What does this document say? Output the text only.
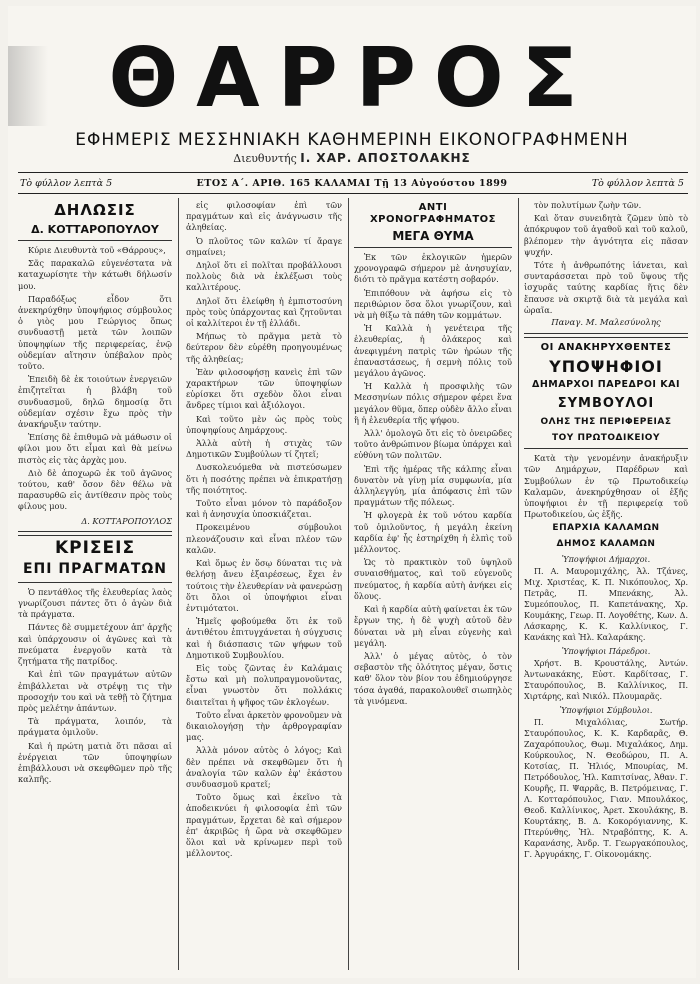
ΘΑΡΡΟΣ
ΕΦΗΜΕΡΙΣ ΜΕΣΣΗΝΙΑΚΗ ΚΑΘΗΜΕΡΙΝΗ ΕΙΚΟΝΟΓΡΑΦΗΜΕΝΗ
Διευθυντής Ι. ΧΑΡ. ΑΠΟΣΤΟΛΑΚΗΣ
Τὸ φύλλον λεπτὰ 5	ΕΤΟΣ Α΄. ΑΡΙΘ. 165 ΚΑΛΑΜΑΙ Τῇ 13 Αὐγούστου 1899	Τὸ φύλλον λεπτὰ 5
ΔΗΛΩΣΙΣ
Δ. ΚΟΤΤΑΡΟΠΟΥΛΟΥ

Κύριε Διευθυντὰ τοῦ «Θάρρους»,

Σᾶς παρακαλῶ εὐγενέστατα νὰ καταχωρίσητε τὴν κάτωθι δήλωσίν μου.

Παραδόξως εἶδον ὅτι ἀνεκηρύχθην ὑποψήφιος σύμβουλος ὁ γιὸς μου Γεώργιος ὅπως συνδυαστῇ μετὰ τῶν λοιπῶν ὑποψηφίων τῆς περιφερείας, ἐνῷ οὐδεμίαν αἴτησιν ὑπέβαλον πρὸς τοῦτο.

Ἐπειδὴ δὲ ἐκ τοιούτων ἐνεργειῶν ἐπιζητεῖται ἡ βλάβη τοῦ συνδυασμοῦ, δηλῶ δημοσίᾳ ὅτι οὐδεμίαν σχέσιν ἔχω πρὸς τὴν ἀνακήρυξιν ταύτην.

Ἐπίσης δὲ ἐπιθυμῶ νὰ μάθωσιν οἱ φίλοι μου ὅτι εἶμαι καὶ θὰ μείνω πιστὸς εἰς τὰς ἀρχὰς μου.

Διὸ δὲ ἀποχωρῶ ἐκ τοῦ ἀγῶνος τούτου, καθ' ὅσον δὲν θέλω νὰ παρασυρθῶ εἰς ἀντίθεσιν πρὸς τοὺς φίλους μου.

Δ. ΚΟΤΤΑΡΟΠΟΥΛΟΣ
ΚΡΙΣΕΙΣ
ΕΠΙ ΠΡΑΓΜΑΤΩΝ

Ὁ πεντάθλος τῆς ἐλευθερίας λαὸς γνωρίζουσι πάντες ὅτι ὁ ἀγὼν διὰ τὰ πράγματα.

Πάντες δὲ συμμετέχουν ἀπ' ἀρχῆς καὶ ὑπάρχουσιν οἱ ἀγῶνες καὶ τὰ πνεύματα ἐνεργοῦν κατὰ τὰ ζητήματα τῆς πατρίδος.

Καὶ ἐπὶ τῶν πραγμάτων αὐτῶν ἐπιβάλλεται νὰ στρέψῃ τις τὴν προσοχήν του καὶ νὰ τεθῇ τὸ ζήτημα πρὸς μελέτην ἁπάντων.

Τὰ πράγματα, λοιπόν, τὰ πράγματα ὁμιλοῦν.

Καὶ ἡ πρώτη ματιὰ ὅτι πᾶσαι αἱ ἐνέργειαι τῶν ὑποψηφίων ἐπιβάλλουσι νὰ σκεφθῶμεν πρὸ τῆς καλπῆς.

εἰς φιλοσοφίαν ἐπὶ τῶν πραγμάτων καὶ εἰς ἀνάγνωσιν τῆς ἀληθείας.

Ὁ πλοῦτος τῶν καλῶν τί ἄραγε σημαίνει;

Δηλοῖ ὅτι εἰ πολῖται προβάλλουσι πολλοὺς διὰ νὰ ἐκλέξωσι τοὺς καλλιτέρους.

Δηλοῖ ὅτι ἐλείφθη ἡ ἐμπιστοσύνη πρὸς τοὺς ὑπάρχοντας καὶ ζητοῦνται οἱ καλλίτεροι ἐν τῇ ἐλλάδι.

Μήπως τὸ πρᾶγμα μετὰ τὸ δεύτερον δὲν εὑρέθη προηγουμένως τῆς ἀληθείας;

Ἐὰν φιλοσοφήσῃ κανεὶς ἐπὶ τῶν χαρακτήρων τῶν ὑποψηφίων εὑρίσκει ὅτι σχεδὸν ὅλοι εἶναι ἄνδρες τίμιοι καὶ ἀξιόλογοι.

Καὶ τοῦτο μὲν ὡς πρὸς τοὺς ὑποψηφίους Δημάρχους.

Ἀλλὰ αὐτὴ ἡ στιχὰς τῶν Δημοτικῶν Συμβούλων τί ζητεῖ;

Δυσκολευόμεθα νὰ πιστεύσωμεν ὅτι ἡ ποσότης πρέπει νὰ ἐπικρατήσῃ τῆς ποιότητος.

Τοῦτο εἶναι μόνον τὸ παράδοξον καὶ ἡ ἀνησυχία ὑποσκιάζεται.

Προκειμένου σύμβουλοι πλεονάζουσιν καὶ εἶναι πλέον τῶν καλῶν.

Καὶ ὅμως ἐν ὅσῳ δύναται τις νὰ θελήσῃ ἄνευ ἐξαιρέσεως, ἔχει ἐν τούτοις τὴν ἐλευθερίαν νὰ φανερώσῃ ὅτι ὅλοι οἱ ὑποψήφιοι εἶναι ἐντιμότατοι.

Ἡμεῖς φοβούμεθα ὅτι ἐκ τοῦ ἀντιθέτου ἐπιτυγχάνεται ἡ σύγχυσις καὶ ἡ διάσπασις τῶν ψήφων τοῦ Δημοτικοῦ Συμβουλίου.

Εἰς τοὺς ζῶντας ἐν Καλάμαις ἔστω καὶ μὴ πολυπραγμονοῦντας, εἶναι γνωστὸν ὅτι πολλάκις διαιτεῖται ἡ ψῆφος τῶν ἐκλογέων.

Τοῦτο εἶναι ἀρκετὸν φρονοῦμεν νὰ δικαιολογήσῃ τὴν ἀρθρογραφίαν μας.

Ἀλλὰ μόνον αὐτὸς ὁ λόγος; Καὶ δὲν πρέπει νὰ σκεφθῶμεν ὅτι ἡ ἀναλογία τῶν καλῶν ἐφ' ἑκάστου συνδυασμοῦ κρατεῖ;

Τοῦτο ὅμως καὶ ἐκεῖνο τὰ ἀποδεικνύει ἡ φιλοσοφία ἐπὶ τῶν πραγμάτων, ἔρχεται δὲ καὶ σήμερον ἐπ' ἀκριβῶς ἡ ὥρα νὰ σκεφθῶμεν ὅλοι καὶ νὰ κρίνωμεν περὶ τοῦ μέλλοντος.

ΑΝΤΙ ΧΡΟΝΟΓΡΑΦΗΜΑΤΟΣ
ΜΕΓΑ ΘΥΜΑ

Ἐκ τῶν ἐκλογικῶν ἡμερῶν χρονογραφῶ σήμερον μὲ ἀνησυχίαν, διότι τὸ πρᾶγμα κατέστη σοβαρόν.

Ἐπιπόθουν νὰ ἀφήσω εἰς τὸ περιθώριον ὅσα ὅλοι γνωρίζουν, καὶ νὰ μὴ θίξω τὰ πάθη τῶν κομμάτων.

Ἡ Καλλὰ ἡ γενέτειρα τῆς ἐλευθερίας, ἡ ὁλάκερος καὶ ἀνεφιγμένη πατρὶς τῶν ἡρώων τῆς ἐπαναστάσεως, ἡ σεμνὴ πόλις τοῦ μεγάλου ἀγῶνος.

Ἡ Καλλὰ ἡ προσφιλὴς τῶν Μεσσηνίων πόλις σήμερον φέρει ἕνα μεγάλον θῦμα, ὅπερ οὐδὲν ἄλλο εἶναι ἢ ἡ ἐλευθερία τῆς ψήφου.

Ἀλλ' ὁμολογῶ ὅτι εἰς τὸ ὀνειρῶδες τοῦτο ἀνθρώπινον βίωμα ὑπάρχει καὶ εὐθύνη τῶν πολιτῶν.

Ἐπὶ τῆς ἡμέρας τῆς κάλπης εἶναι δυνατὸν νὰ γίνῃ μία συμφωνία, μία ἀλληλεγγύη, μία ἀπόφασις ἐπὶ τῶν πραγμάτων τῆς πόλεως.

Ἡ φλογερὰ ἐκ τοῦ νότου καρδία τοῦ ὁμιλοῦντος, ἡ μεγάλη ἐκείνη καρδία ἐφ' ἧς ἐστηρίχθη ἡ ἐλπὶς τοῦ μέλλοντος.

Ὡς τὸ πρακτικὸν τοῦ ὑψηλοῦ συναισθήματος, καὶ τοῦ εὐγενοῦς πνεύματος, ἡ καρδία αὐτὴ ἀνήκει εἰς ὅλους.

Καὶ ἡ καρδία αὐτὴ φαίνεται ἐκ τῶν ἔργων της, ἡ δὲ ψυχὴ αὐτοῦ δὲν δύναται νὰ μὴ εἶναι εὐγενὴς καὶ μεγάλη.

Ἀλλ' ὁ μέγας αὐτὸς, ὁ τὸν σεβαστὸν τῆς ὁλότητος μέγαν, ὅστις καθ' ὅλον τὸν βίον του ἐδημιούργησε τόσα ἀγαθά, παρακολουθεῖ σιωπηλὸς τὰ γινόμενα.

τὸν πολυτίμων ζωὴν τῶν.

Καὶ ὅταν συνειδητὰ ζῶμεν ὑπὸ τὸ ἀπόκρυφον τοῦ ἀγαθοῦ καὶ τοῦ καλοῦ, βλέπομεν τὴν ἀγνότητα εἰς πᾶσαν ψυχήν.

Τότε ἡ ἀνθρωπότης ἰάνεται, καὶ συνταράσσεται πρὸ τοῦ ὕψους τῆς ἰσχυρᾶς ταύτης καρδίας ἥτις δὲν ἔπαυσε νὰ σκιρτᾷ διὰ τὰ μεγάλα καὶ ὡραῖα.

Παναγ. Μ. Μαλεσύνολης
ΟΙ ΑΝΑΚΗΡΥΧΘΕΝΤΕΣ
ΥΠΟΨΗΦΙΟΙ
ΔΗΜΑΡΧΟΙ ΠΑΡΕΔΡΟΙ ΚΑΙ
ΣΥΜΒΟΥΛΟΙ
ΟΛΗΣ ΤΗΣ ΠΕΡΙΦΕΡΕΙΑΣ
ΤΟΥ ΠΡΩΤΟΔΙΚΕΙΟΥ

Κατὰ τὴν γενομένην ἀνακήρυξιν τῶν Δημάρχων, Παρέδρων καὶ Συμβούλων ἐν τῷ Πρωτοδικείῳ Καλαμῶν, ἀνεκηρύχθησαν οἱ ἑξῆς ὑποψήφιοι ἐν τῇ περιφερείᾳ τοῦ Πρωτοδικείου, ὡς ἑξῆς.

ΕΠΑΡΧΙΑ ΚΑΛΑΜΩΝ
ΔΗΜΟΣ ΚΑΛΑΜΩΝ
Ὑποψήφιοι Δήμαρχοι.

Π. Α. Μαυρομιχάλης, Ἀλ. Τζάνες, Μιχ. Χριστέας, Κ. Π. Νικόπουλος, Χρ. Πετρᾶς, Π. Μπενάκης, Ἀλ. Συμεόπουλος, Π. Καπετάνακης, Χρ. Κουμάκης, Γεωρ. Π. Λογοθέτης, Κων. Δ. Λάσκαρης, Κ. Κ. Καλλίνικος, Γ. Κανάκης καὶ Ἠλ. Καλαράκης.

Ὑποψήφιοι Πάρεδροι.

Χρήστ. Β. Κρουστάλης, Ἀντών. Ἀντωνακάκης, Εὐστ. Καρδίτσας, Γ. Σταυρόπουλος, Β. Καλλίνικος, Π. Χιρτάρης, καὶ Νικόλ. Πλουμαρᾶς.

Ὑποψήφιοι Σύμβουλοι.

Π. Μιχαλόλιας, Σωτήρ. Σταυρόπουλος, Κ. Κ. Καρδαρᾶς, Θ. Ζαχαρόπουλος, Θωμ. Μιχαλάκος, Δημ. Κούρκουλος, Ν. Θεοδώρου, Π. Α. Κοτσίας, Π. Ἠλιός, Μπουρίας, Μ. Πετρόδουλος, Ἠλ. Καπιτσίνας, Ἀθαν. Γ. Κουρῆς, Π. Ψαρρᾶς, Β. Πετρόμεινας, Γ. Λ. Κοτταρόπουλος, Γιαν. Μπουλάκος, Θεοδ. Καλλίνικος, Ἀρετ. Σκουλάκης, Β. Κουρτάκης, Β. Δ. Κοκορόγιαννης, Κ. Πτερύνθης, Ἠλ. Ντραβόπτης, Κ. Α. Καρανάσης, Ἀνδρ. Τ. Γεωργακόπουλος, Γ. Ἀργυράκης, Γ. Οἰκονομάκης.
